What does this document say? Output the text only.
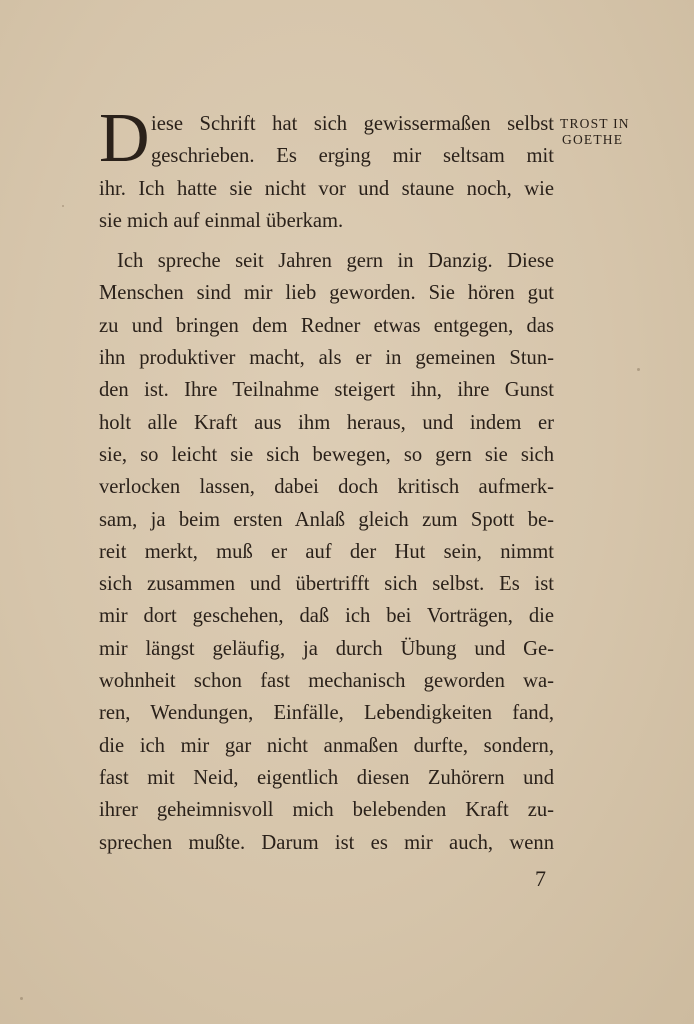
TROST IN
GOETHE
D iese Schrift hat sich gewissermaßen selbst
geschrieben. Es erging mir seltsam mit
ihr. Ich hatte sie nicht vor und staune noch, wie
sie mich auf einmal überkam.
Ich spreche seit Jahren gern in Danzig. Diese
Menschen sind mir lieb geworden. Sie hören gut
zu und bringen dem Redner etwas entgegen, das
ihn produktiver macht, als er in gemeinen Stun-
den ist. Ihre Teilnahme steigert ihn, ihre Gunst
holt alle Kraft aus ihm heraus, und indem er
sie, so leicht sie sich bewegen, so gern sie sich
verlocken lassen, dabei doch kritisch aufmerk-
sam, ja beim ersten Anlaß gleich zum Spott be-
reit merkt, muß er auf der Hut sein, nimmt
sich zusammen und übertrifft sich selbst. Es ist
mir dort geschehen, daß ich bei Vorträgen, die
mir längst geläufig, ja durch Übung und Ge-
wohnheit schon fast mechanisch geworden wa-
ren, Wendungen, Einfälle, Lebendigkeiten fand,
die ich mir gar nicht anmaßen durfte, sondern,
fast mit Neid, eigentlich diesen Zuhörern und
ihrer geheimnisvoll mich belebenden Kraft zu-
sprechen mußte. Darum ist es mir auch, wenn
7
